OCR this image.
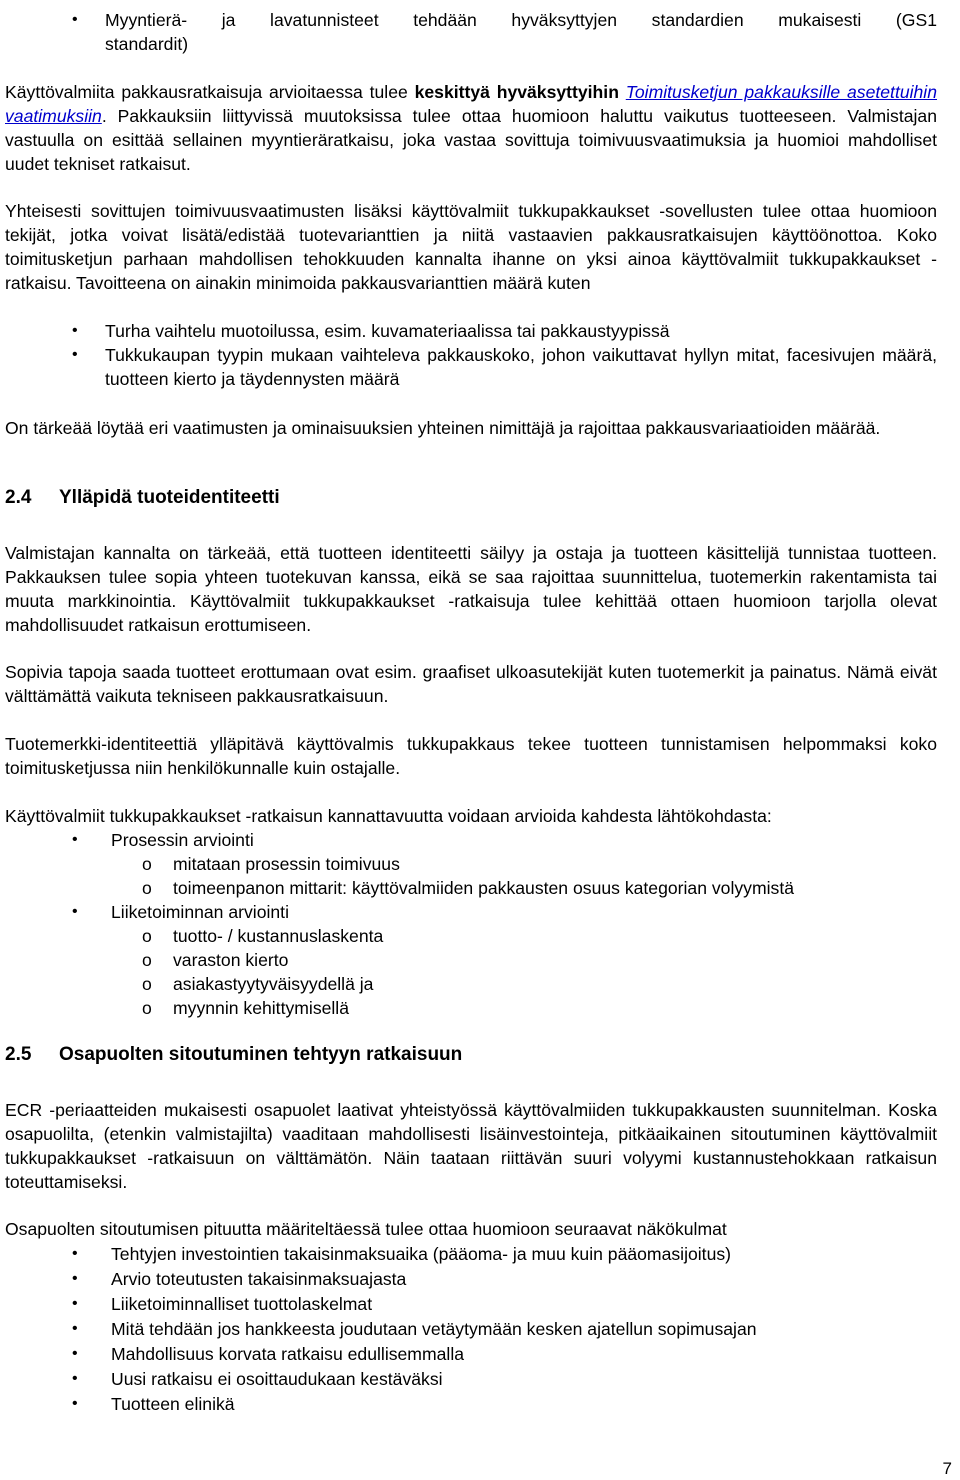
•	Myyntierä- ja lavatunnisteet tehdään hyväksyttyjen standardien mukaisesti (GS1
standardit)

Käyttövalmiita pakkausratkaisuja arvioitaessa tulee keskittyä hyväksyttyihin Toimitusketjun pakkauksille asetettuihin vaatimuksiin. Pakkauksiin liittyvissä muutoksissa tulee ottaa huomioon haluttu vaikutus tuotteeseen. Valmistajan vastuulla on esittää sellainen myyntieräratkaisu, joka vastaa sovittuja toimivuusvaatimuksia ja huomioi mahdolliset uudet tekniset ratkaisut.

Yhteisesti sovittujen toimivuusvaatimusten lisäksi käyttövalmiit tukkupakkaukset -sovellusten tulee ottaa huomioon tekijät, jotka voivat lisätä/edistää tuotevarianttien ja niitä vastaavien pakkausratkaisujen käyttöönottoa. Koko toimitusketjun parhaan mahdollisen tehokkuuden kannalta ihanne on yksi ainoa käyttövalmiit tukkupakkaukset -ratkaisu. Tavoitteena on ainakin minimoida pakkausvarianttien määrä kuten

•	Turha vaihtelu muotoilussa, esim. kuvamateriaalissa tai pakkaustyypissä
•	Tukkukaupan tyypin mukaan vaihteleva pakkauskoko, johon vaikuttavat hyllyn mitat, facesivujen määrä, tuotteen kierto ja täydennysten määrä

On tärkeää löytää eri vaatimusten ja ominaisuuksien yhteinen nimittäjä ja rajoittaa pakkausvariaatioiden määrää.

2.4 Ylläpidä tuoteidentiteetti

Valmistajan kannalta on tärkeää, että tuotteen identiteetti säilyy ja ostaja ja tuotteen käsittelijä tunnistaa tuotteen. Pakkauksen tulee sopia yhteen tuotekuvan kanssa, eikä se saa rajoittaa suunnittelua, tuotemerkin rakentamista tai muuta markkinointia. Käyttövalmiit tukkupakkaukset -ratkaisuja tulee kehittää ottaen huomioon tarjolla olevat mahdollisuudet ratkaisun erottumiseen.

Sopivia tapoja saada tuotteet erottumaan ovat esim. graafiset ulkoasutekijät kuten tuotemerkit ja painatus. Nämä eivät välttämättä vaikuta tekniseen pakkausratkaisuun.

Tuotemerkki-identiteettiä ylläpitävä käyttövalmis tukkupakkaus tekee tuotteen tunnistamisen helpommaksi koko toimitusketjussa niin henkilökunnalle kuin ostajalle.

Käyttövalmiit tukkupakkaukset -ratkaisun kannattavuutta voidaan arvioida kahdesta lähtökohdasta:

•	Prosessin arviointi
o	mitataan prosessin toimivuus
o	toimeenpanon mittarit: käyttövalmiiden pakkausten osuus kategorian volyymistä
•	Liiketoiminnan arviointi
o	tuotto- / kustannuslaskenta
o	varaston kierto
o	asiakastyytyväisyydellä ja
o	myynnin kehittymisellä
2.5 Osapuolten sitoutuminen tehtyyn ratkaisuun

ECR -periaatteiden mukaisesti osapuolet laativat yhteistyössä käyttövalmiiden tukkupakkausten suunnitelman. Koska osapuolilta, (etenkin valmistajilta) vaaditaan mahdollisesti lisäinvestointeja, pitkäaikainen sitoutuminen käyttövalmiit tukkupakkaukset -ratkaisuun on välttämätön. Näin taataan riittävän suuri volyymi kustannustehokkaan ratkaisun toteuttamiseksi.

Osapuolten sitoutumisen pituutta määriteltäessä tulee ottaa huomioon seuraavat näkökulmat

•	Tehtyjen investointien takaisinmaksuaika (pääoma- ja muu kuin pääomasijoitus)
•	Arvio toteutusten takaisinmaksuajasta
•	Liiketoiminnalliset tuottolaskelmat
•	Mitä tehdään jos hankkeesta joudutaan vetäytymään kesken ajatellun sopimusajan
•	Mahdollisuus korvata ratkaisu edullisemmalla
•	Uusi ratkaisu ei osoittaudukaan kestäväksi
•	Tuotteen elinikä
7
